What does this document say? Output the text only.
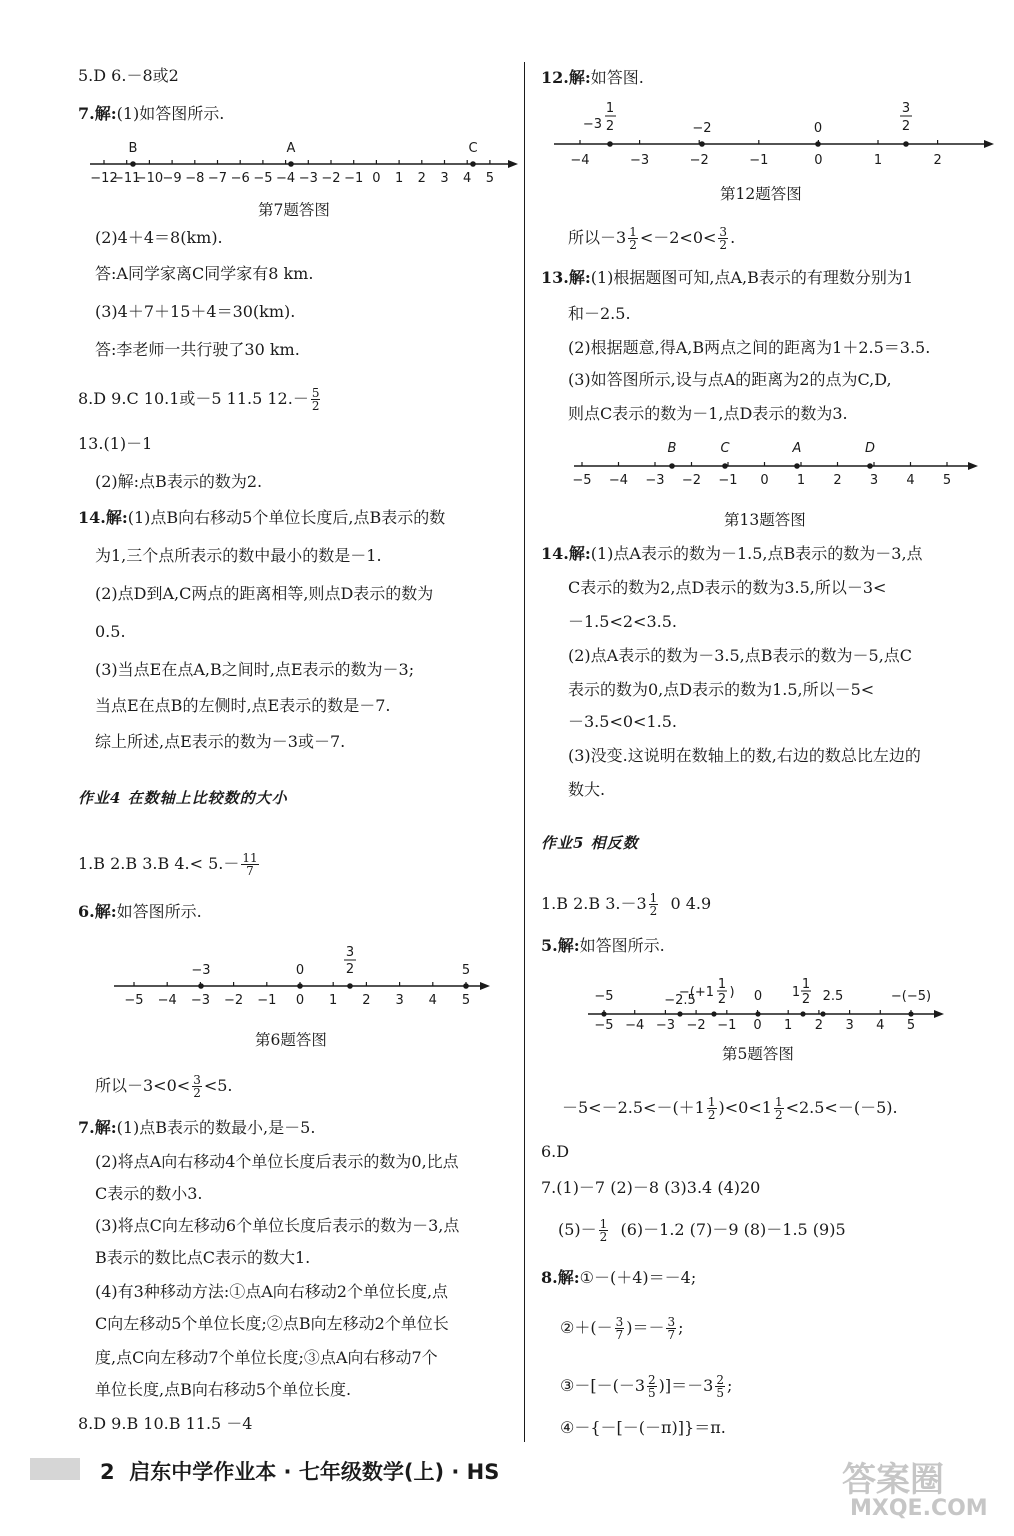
5.D 6.－8或2
7.解:(1)如答图所示.
−12
−11
−10 −9 −8 −7 −6 −5 −4 −3 −2 −1 0 1 2 3 4 5
B	A	C
第7题答图
(2)4＋4＝8(km).
答:A同学家离C同学家有8 km.
(3)4＋7＋15＋4＝30(km).
答:李老师一共行驶了30 km.
8.D 9.C 10.1或－5 11.5 $12.- \frac{5}{2}$
13.(1)－1
(2)解:点B表示的数为2.
14.解:(1)点B向右移动5个单位长度后,点B表示的数
为1,三个点所表示的数中最小的数是－1.
(2)点D到A,C两点的距离相等,则点D表示的数为
0.5.
(3)当点E在点A,B之间时,点E表示的数为－3;
当点E在点B的左侧时,点E表示的数是－7.
综上所述,点E表示的数为－3或－7.
作业4 在数轴上比较数的大小
1.B 2.B 3.B $4.< 5.- \frac{11}{7}$
6.解:如答图所示.
−5 −4 −3 −2 −1 0 1 2 3 4 5
−3	0
3
2	5
第6题答图
所以$-3<0< \frac{3}{2} <5$.
7.解:(1)点B表示的数最小,是－5.
(2)将点A向右移动4个单位长度后表示的数为0,比点
C表示的数小3.
(3)将点C向左移动6个单位长度后表示的数为－3,点
B表示的数比点C表示的数大1.
(4)有3种移动方法:①点A向右移动2个单位长度,点
C向左移动5个单位长度;②点B向左移动2个单位长
度,点C向左移动7个单位长度;③点A向右移动7个
单位长度,点B向右移动5个单位长度.
8.D 9.B 10.B 11.5 －4
12.解:如答图.
−4	−3	−2	−1	0	1	2
−3
1
2	−2	0
3
2
第12题答图
所以$-3 \frac{1}{2} <-2<0< \frac{3}{2}$ .
13.解:(1)根据题图可知,点A,B表示的有理数分别为1
和－2.5.
(2)根据题意,得A,B两点之间的距离为1＋2.5＝3.5.
(3)如答图所示,设与点A的距离为2的点为C,D,
则点C表示的数为－1,点D表示的数为3.
−5 −4 −3 −2 −1 0 1 2 3 4 5
B	C	A	D
第13题答图
14.解:(1)点A表示的数为－1.5,点B表示的数为－3,点
C表示的数为2,点D表示的数为3.5,所以－3<
－1.5<2<3.5.
(2)点A表示的数为－3.5,点B表示的数为－5,点C
表示的数为0,点D表示的数为1.5,所以－5<
－3.5<0<1.5.
(3)没变.这说明在数轴上的数,右边的数总比左边的
数大.
作业5 相反数
1.B 2.B $3.-3 \frac{1}{2} 0$ 4.9
5.解:如答图所示.
−5 −4 −3 −2 −1 0 1 2 3 4 5
−5	−2.5
−(+1
1
2 ) 0 1
1
2 2.5	−(−5)
第5题答图
$-5<-2.5<-(+1 \frac{1}{2} )<0<1 \frac{1}{2} <2.5<-(-5)$.
6.D
7.(1)－7 (2)－8 (3)3.4 (4)20
$(5)- \frac{1}{2} (6)-1.2$ (7)－9 (8)－1.5 (9)5
8.解:①－(＋4)＝－4;
②＋(－ $\frac{3}{7}$ )＝－ $\frac{3}{7}$ ;
③－[－(－3 $\frac{2}{5} )]=-3 \frac{2}{5}$ ;
④－{－[－(－π)]}＝π.
2 启东中学作业本 · 七年级数学(上) · HS	答案圈
MXQE.COM
